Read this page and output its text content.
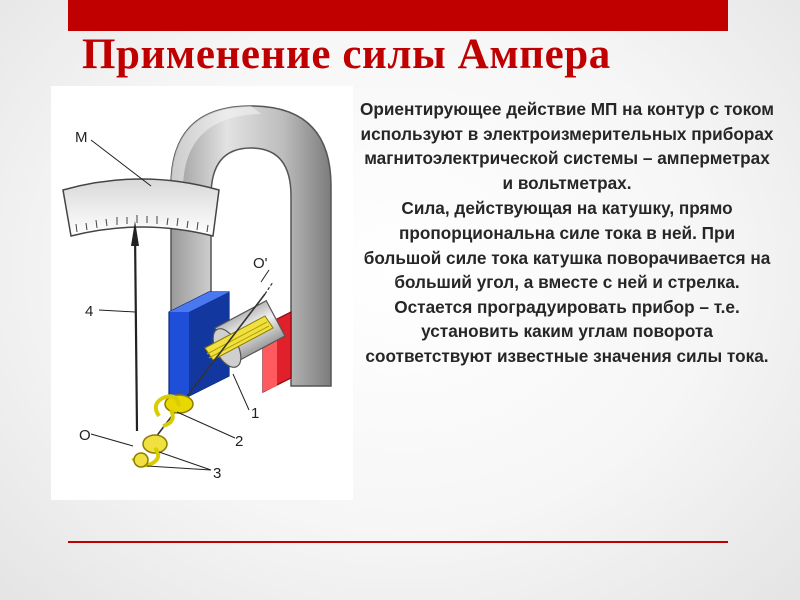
Применение силы Ампера
М
4
О'
О
1
2
3

Ориентирующее действие МП на контур с током используют в электроизмерительных приборах магнитоэлектрической системы – амперметрах и вольтметрах.

Сила, действующая на катушку, прямо пропорциональна силе тока в ней. При большой силе тока катушка поворачивается на больший угол, а вместе с ней и стрелка. Остается проградуировать прибор – т.е. установить каким углам поворота соответствуют известные значения силы тока.
